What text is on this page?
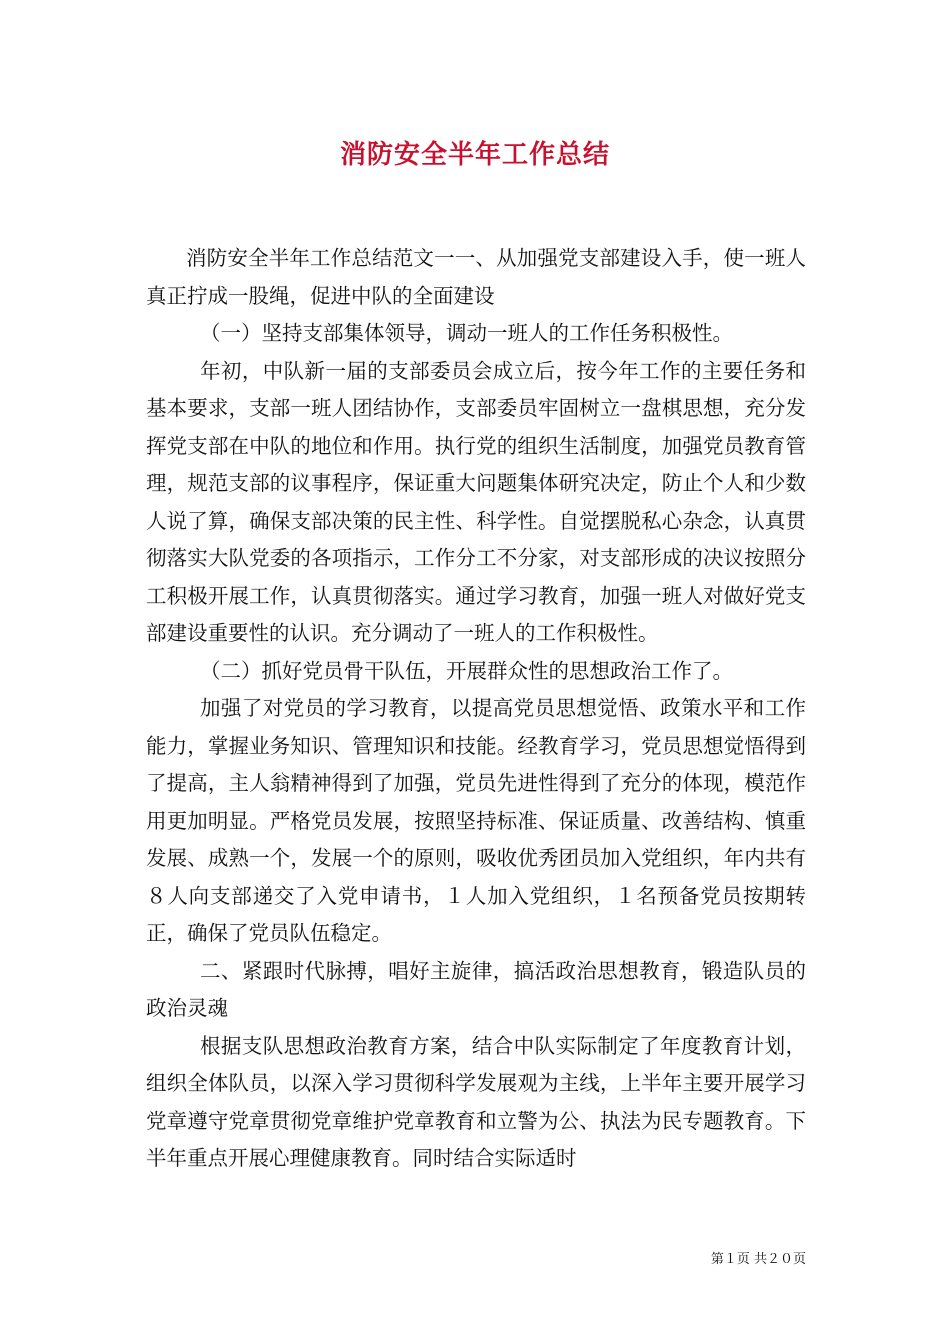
消防安全半年工作总结

消防安全半年工作总结范文一一、从加强党支部建设入手，使一班人真正拧成一股绳，促进中队的全面建设

（一）坚持支部集体领导，调动一班人的工作任务积极性。

年初，中队新一届的支部委员会成立后，按今年工作的主要任务和基本要求，支部一班人团结协作，支部委员牢固树立一盘棋思想，充分发挥党支部在中队的地位和作用。执行党的组织生活制度，加强党员教育管理，规范支部的议事程序，保证重大问题集体研究决定，防止个人和少数人说了算，确保支部决策的民主性、科学性。自觉摆脱私心杂念，认真贯彻落实大队党委的各项指示，工作分工不分家，对支部形成的决议按照分工积极开展工作，认真贯彻落实。通过学习教育，加强一班人对做好党支部建设重要性的认识。充分调动了一班人的工作积极性。

（二）抓好党员骨干队伍，开展群众性的思想政治工作了。

加强了对党员的学习教育，以提高党员思想觉悟、政策水平和工作能力，掌握业务知识、管理知识和技能。经教育学习，党员思想觉悟得到了提高，主人翁精神得到了加强，党员先进性得到了充分的体现，模范作用更加明显。严格党员发展，按照坚持标准、保证质量、改善结构、慎重发展、成熟一个，发展一个的原则，吸收优秀团员加入党组织，年内共有８人向支部递交了入党申请书，１人加入党组织，１名预备党员按期转正，确保了党员队伍稳定。

二、紧跟时代脉搏，唱好主旋律，搞活政治思想教育，锻造队员的政治灵魂

根据支队思想政治教育方案，结合中队实际制定了年度教育计划，组织全体队员，以深入学习贯彻科学发展观为主线，上半年主要开展学习党章遵守党章贯彻党章维护党章教育和立警为公、执法为民专题教育。下半年重点开展心理健康教育。同时结合实际适时

第１页 共２０页
